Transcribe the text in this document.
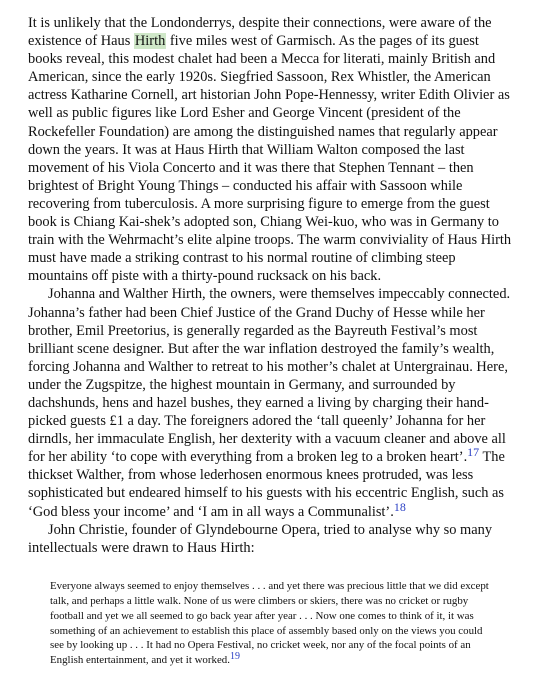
It is unlikely that the Londonderrys, despite their connections, were aware of the existence of Haus Hirth five miles west of Garmisch. As the pages of its guest books reveal, this modest chalet had been a Mecca for literati, mainly British and American, since the early 1920s. Siegfried Sassoon, Rex Whistler, the American actress Katharine Cornell, art historian John Pope-Hennessy, writer Edith Olivier as well as public figures like Lord Esher and George Vincent (president of the Rockefeller Foundation) are among the distinguished names that regularly appear down the years. It was at Haus Hirth that William Walton composed the last movement of his Viola Concerto and it was there that Stephen Tennant – then brightest of Bright Young Things – conducted his affair with Sassoon while recovering from tuberculosis. A more surprising figure to emerge from the guest book is Chiang Kai-shek’s adopted son, Chiang Wei-kuo, who was in Germany to train with the Wehrmacht’s elite alpine troops. The warm conviviality of Haus Hirth must have made a striking contrast to his normal routine of climbing steep mountains off piste with a thirty-pound rucksack on his back.

Johanna and Walther Hirth, the owners, were themselves impeccably connected. Johanna’s father had been Chief Justice of the Grand Duchy of Hesse while her brother, Emil Preetorius, is generally regarded as the Bayreuth Festival’s most brilliant scene designer. But after the war inflation destroyed the family’s wealth, forcing Johanna and Walther to retreat to his mother’s chalet at Untergrainau. Here, under the Zugspitze, the highest mountain in Germany, and surrounded by dachshunds, hens and hazel bushes, they earned a living by charging their hand-picked guests £1 a day. The foreigners adored the ‘tall queenly’ Johanna for her dirndls, her immaculate English, her dexterity with a vacuum cleaner and above all for her ability ‘to cope with everything from a broken leg to a broken heart’.$^{17}$ The thickset Walther, from whose lederhosen enormous knees protruded, was less sophisticated but endeared himself to his guests with his eccentric English, such as ‘God bless your income’ and ‘I am in all ways a Communalist’.$^{18}$

John Christie, founder of Glyndebourne Opera, tried to analyse why so many intellectuals were drawn to Haus Hirth:

Everyone always seemed to enjoy themselves . . . and yet there was precious little that we did except talk, and perhaps a little walk. None of us were climbers or skiers, there was no cricket or rugby football and yet we all seemed to go back year after year . . . Now one comes to think of it, it was something of an achievement to establish this place of assembly based only on the views you could see by looking up . . . It had no Opera Festival, no cricket week, nor any of the focal points of an English entertainment, and yet it worked.$^{19}$
